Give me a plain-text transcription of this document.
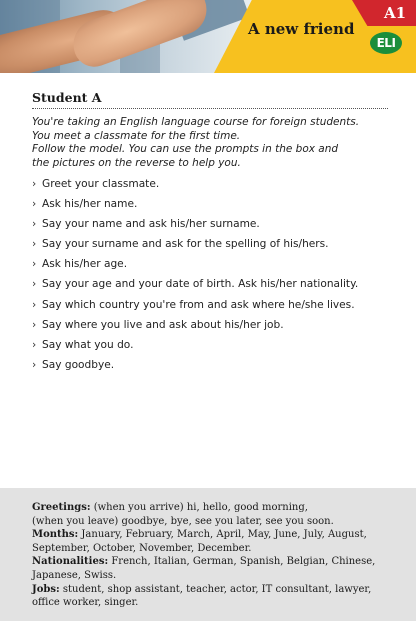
A1
A new friend
ELI
Student A
You're taking an English language course for foreign students.
You meet a classmate for the first time.
Follow the model. You can use the prompts in the box and
the pictures on the reverse to help you.
› Greet your classmate.
› Ask his/her name.
› Say your name and ask his/her surname.
› Say your surname and ask for the spelling of his/hers.
› Ask his/her age.
› Say your age and your date of birth. Ask his/her nationality.
› Say which country you're from and ask where he/she lives.
› Say where you live and ask about his/her job.
› Say what you do.
› Say goodbye.

Greetings: (when you arrive) hi, hello, good morning,

(when you leave) goodbye, bye, see you later, see you soon.

Months: January, February, March, April, May, June, July, August, September, October, November, December.

Nationalities: French, Italian, German, Spanish, Belgian, Chinese, Japanese, Swiss.

Jobs: student, shop assistant, teacher, actor, IT consultant, lawyer, office worker, singer.
